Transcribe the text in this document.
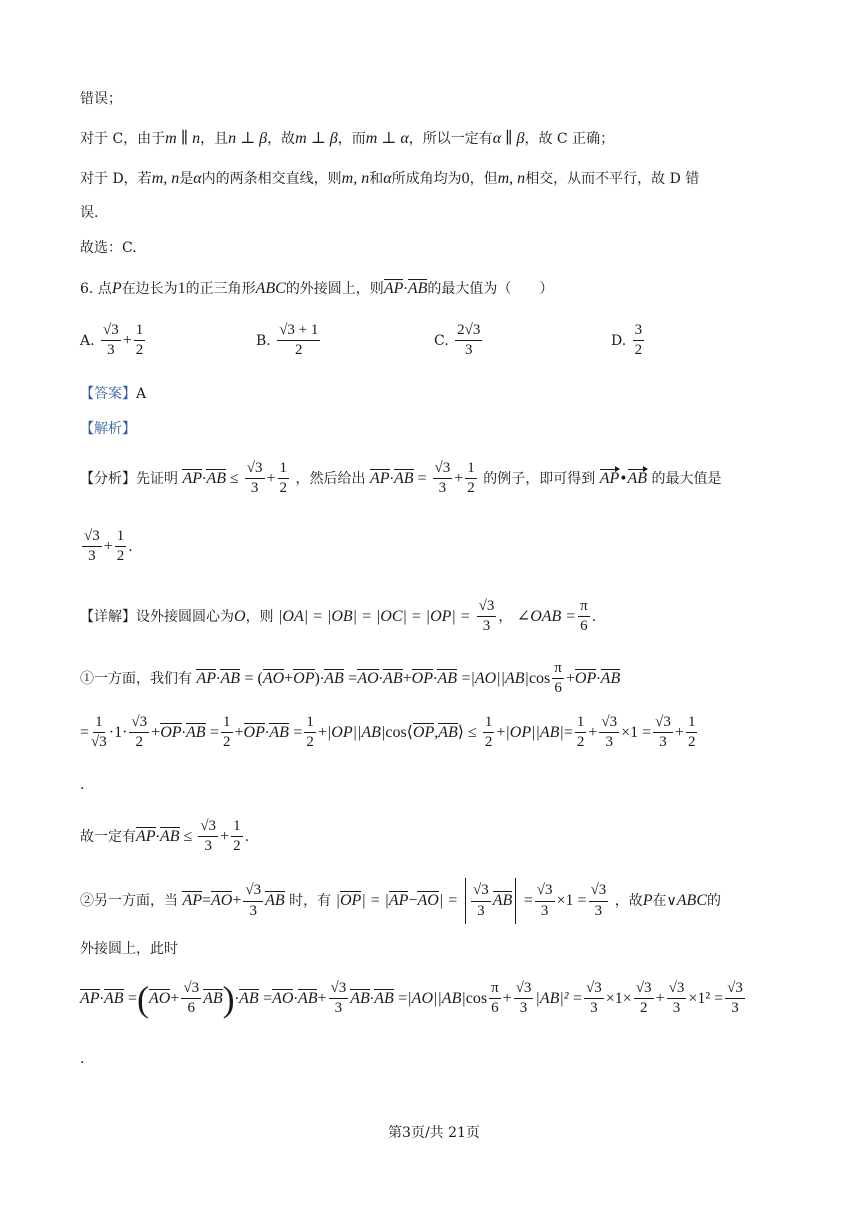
错误；
对于 C，由于m ∥ n，且n ⊥ β，故m ⊥ β，而m ⊥ α，所以一定有α ∥ β，故 C 正确；
对于 D，若m, n是α内的两条相交直线，则m, n和α所成角均为0，但m, n相交，从而不平行，故 D 错
误.
故选：C.
6. 点P在边长为1的正三角形ABC的外接圆上，则AP·AB的最大值为（　　）
A. $\frac{√3}{3} + \frac{1}{2}$	B. $\frac{√3 + 1}{2}$	C. $\frac{2√3}{3}$	D. $\frac{3}{2}$
【答案】A
【解析】
【分析】先证明 $AP\cdot AB \le \frac{√3}{3} + \frac{1}{2}$ ，然后给出 $AP\cdot AB = \frac{√3}{3} + \frac{1}{2}$ 的例子，即可得到 AP•AB 的最大值是
$\frac{√3}{3} + \frac{1}{2}$ .
【详解】设外接圆圆心为O，则 $|OA| = |OB| = |OC| = |OP| = \frac{√3}{3}$ ， ∠OAB = $\frac{\pi}{6}$ .
①一方面，我们有 $AP\cdot AB = (AO+OP)\cdot AB =AO\cdot AB+OP\cdot AB =|AO||AB|\cos \frac{\pi}{6} +OP\cdot AB$
= $\frac{1}{√3} \cdot 1\cdot \frac{√3}{2} +OP\cdot AB = \frac{1}{2} +OP\cdot AB = \frac{1}{2}$ +|OP||AB|cos⟨OP,AB⟩ ≤ $\frac{1}{2} +|OP||AB|= \frac{1}{2} + \frac{√3}{3} \times 1 = \frac{√3}{3} + \frac{1}{2}$
.
故一定有$AP\cdot AB \le \frac{√3}{3} + \frac{1}{2}$ .
②另一方面，当 $AP=AO+ \frac{√3}{3}$ AB 时，有 $|OP| = |AP-AO| = \frac{√3}{3}$ AB = $\frac{√3}{3} \times 1 = \frac{√3}{3}$ ，故P在∨ABC的
外接圆上，此时
$AP\cdot AB =(AO+ \frac{√3}{6} AB)\cdot AB =AO\cdot AB+ \frac{√3}{3} AB\cdot AB =|AO||AB|\cos \frac{\pi}{6} + \frac{√3}{3} |AB|^2 = \frac{√3}{3} \times 1\times \frac{√3}{2} + \frac{√3}{3} \times 1^2 = \frac{√3}{3}$
.
第3页/共 21页
